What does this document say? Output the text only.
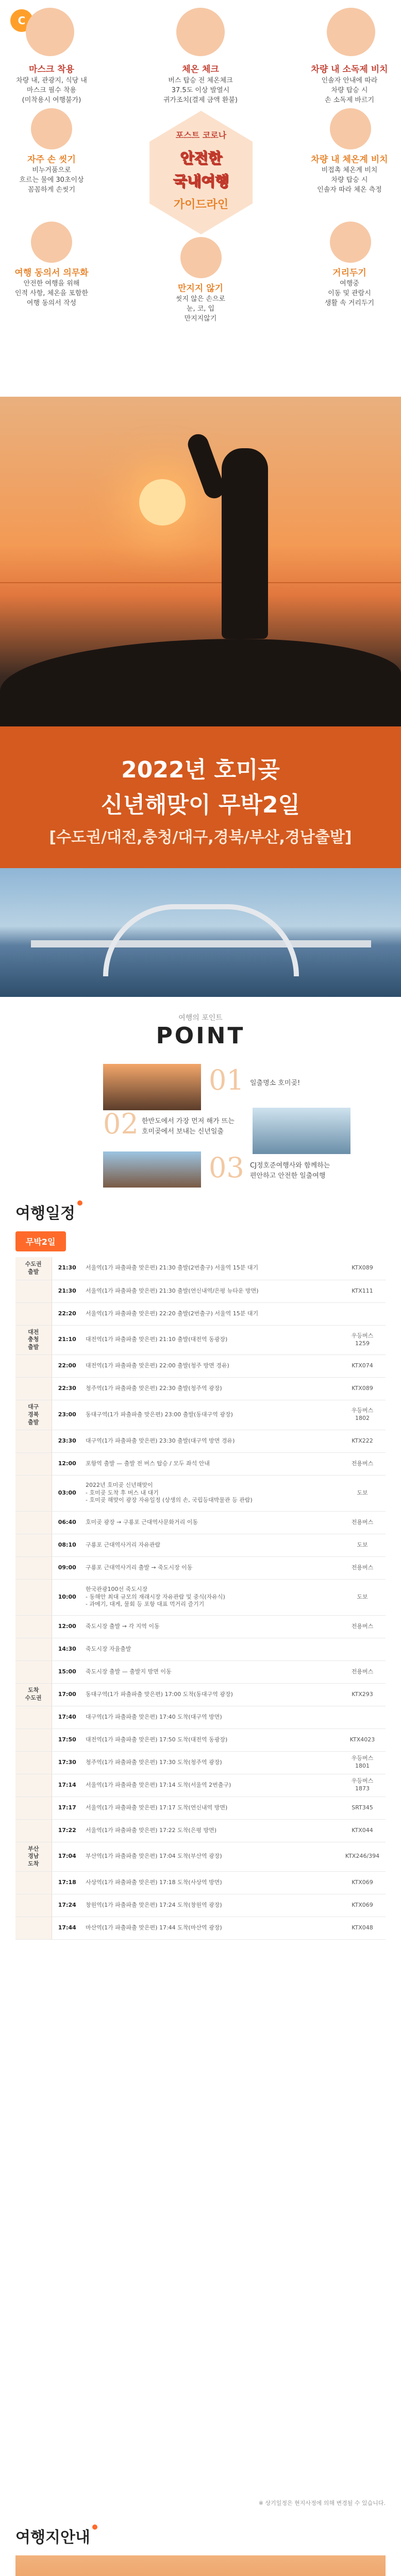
C
마스크 착용
차량 내, 관광지, 식당 내
마스크 필수 착용
(미착용시 여행불가)
체온 체크
버스 탑승 전 체온체크
37.5도 이상 발열시
귀가조치(결제 금액 환불)
차량 내 소독제 비치
인솔자 안내에 따라
차량 탑승 시
손 소독제 바르기
포스트 코로나
안전한
국내여행
가이드라인
자주 손 씻기
비누거품으로
흐르는 물에 30초이상
꼼꼼하게 손씻기
차량 내 체온계 비치
비접촉 체온계 비치
차량 탑승 시
인솔자 따라 체온 측정
여행 동의서 의무화
안전한 여행을 위해
인적 사항, 체온을 포함한
여행 동의서 작성
만지지 않기
씻지 않은 손으로
눈, 코, 입
만지지않기
거리두기
여행중
이동 및 관람시
생활 속 거리두기
2022년 호미곶
신년해맞이 무박2일
[수도권/대전,충청/대구,경북/부산,경남출발]
여행의 포인트
POINT
01 일출명소 호미곶!
02 한반도에서 가장 먼저 해가 뜨는
호미곶에서 보내는 신년일출
03 CJ정호준여행사와 함께하는
편안하고 안전한 일출여행
여행일정
무박2일
수도권
출발	21:30	서울역(1가 파출파출 맞은편) 21:30 출발(2번출구) 서울역 15분 대기	KTX089
	21:30	서울역(1가 파출파출 맞은편) 21:30 출발(연신내역/은평 뉴타운 방면)	KTX111
	22:20	서울역(1가 파출파출 맞은편) 22:20 출발(2번출구) 서울역 15분 대기	
대전
충청
출발	21:10	대전역(1가 파출파출 맞은편) 21:10 출발(대전역 동광장)	우등버스
1259
	22:00	대전역(1가 파출파출 맞은편) 22:00 출발(청주 방면 경유)	KTX074
	22:30	청주역(1가 파출파출 맞은편) 22:30 출발(청주역 광장)	KTX089
대구
경북
출발	23:00	동대구역(1가 파출파출 맞은편) 23:00 출발(동대구역 광장)	우등버스
1802
	23:30	대구역(1가 파출파출 맞은편) 23:30 출발(대구역 방면 경유)	KTX222
	12:00	포항역 출발 — 출발 전 버스 탑승 / 모두 좌석 안내	전용버스
	03:00	2022년 호미곶 신년해맞이
- 호미곶 도착 후 버스 내 대기
- 호미곶 해맞이 광장 자유일정 (상생의 손, 국립등대박물관 등 관람)	도보
	06:40	호미곶 광장 → 구룡포 근대역사문화거리 이동	전용버스
	08:10	구룡포 근대역사거리 자유관람	도보
	09:00	구룡포 근대역사거리 출발 → 죽도시장 이동	전용버스
	10:00	한국관광100선 죽도시장
- 동해안 최대 규모의 재래시장 자유관람 및 중식(자유식)
- 과메기, 대게, 물회 등 포항 대표 먹거리 즐기기	도보
	12:00	죽도시장 출발 → 각 지역 이동	전용버스
	14:30	죽도시장 자율출발	
	15:00	죽도시장 출발 — 출발지 방면 이동	전용버스
도착
수도권	17:00	동대구역(1가 파출파출 맞은편) 17:00 도착(동대구역 광장)	KTX293
	17:40	대구역(1가 파출파출 맞은편) 17:40 도착(대구역 방면)	
	17:50	대전역(1가 파출파출 맞은편) 17:50 도착(대전역 동광장)	KTX4023
	17:30	청주역(1가 파출파출 맞은편) 17:30 도착(청주역 광장)	우등버스
1801
	17:14	서울역(1가 파출파출 맞은편) 17:14 도착(서울역 2번출구)	우등버스
1873
	17:17	서울역(1가 파출파출 맞은편) 17:17 도착(연신내역 방면)	SRT345
	17:22	서울역(1가 파출파출 맞은편) 17:22 도착(은평 방면)	KTX044
부산
경남
도착	17:04	부산역(1가 파출파출 맞은편) 17:04 도착(부산역 광장)	KTX246/394
	17:18	사상역(1가 파출파출 맞은편) 17:18 도착(사상역 방면)	KTX069
	17:24	창원역(1가 파출파출 맞은편) 17:24 도착(창원역 광장)	KTX069
	17:44	마산역(1가 파출파출 맞은편) 17:44 도착(마산역 광장)	KTX048
※ 상기일정은 현지사정에 의해 변경될 수 있습니다.
여행지안내
